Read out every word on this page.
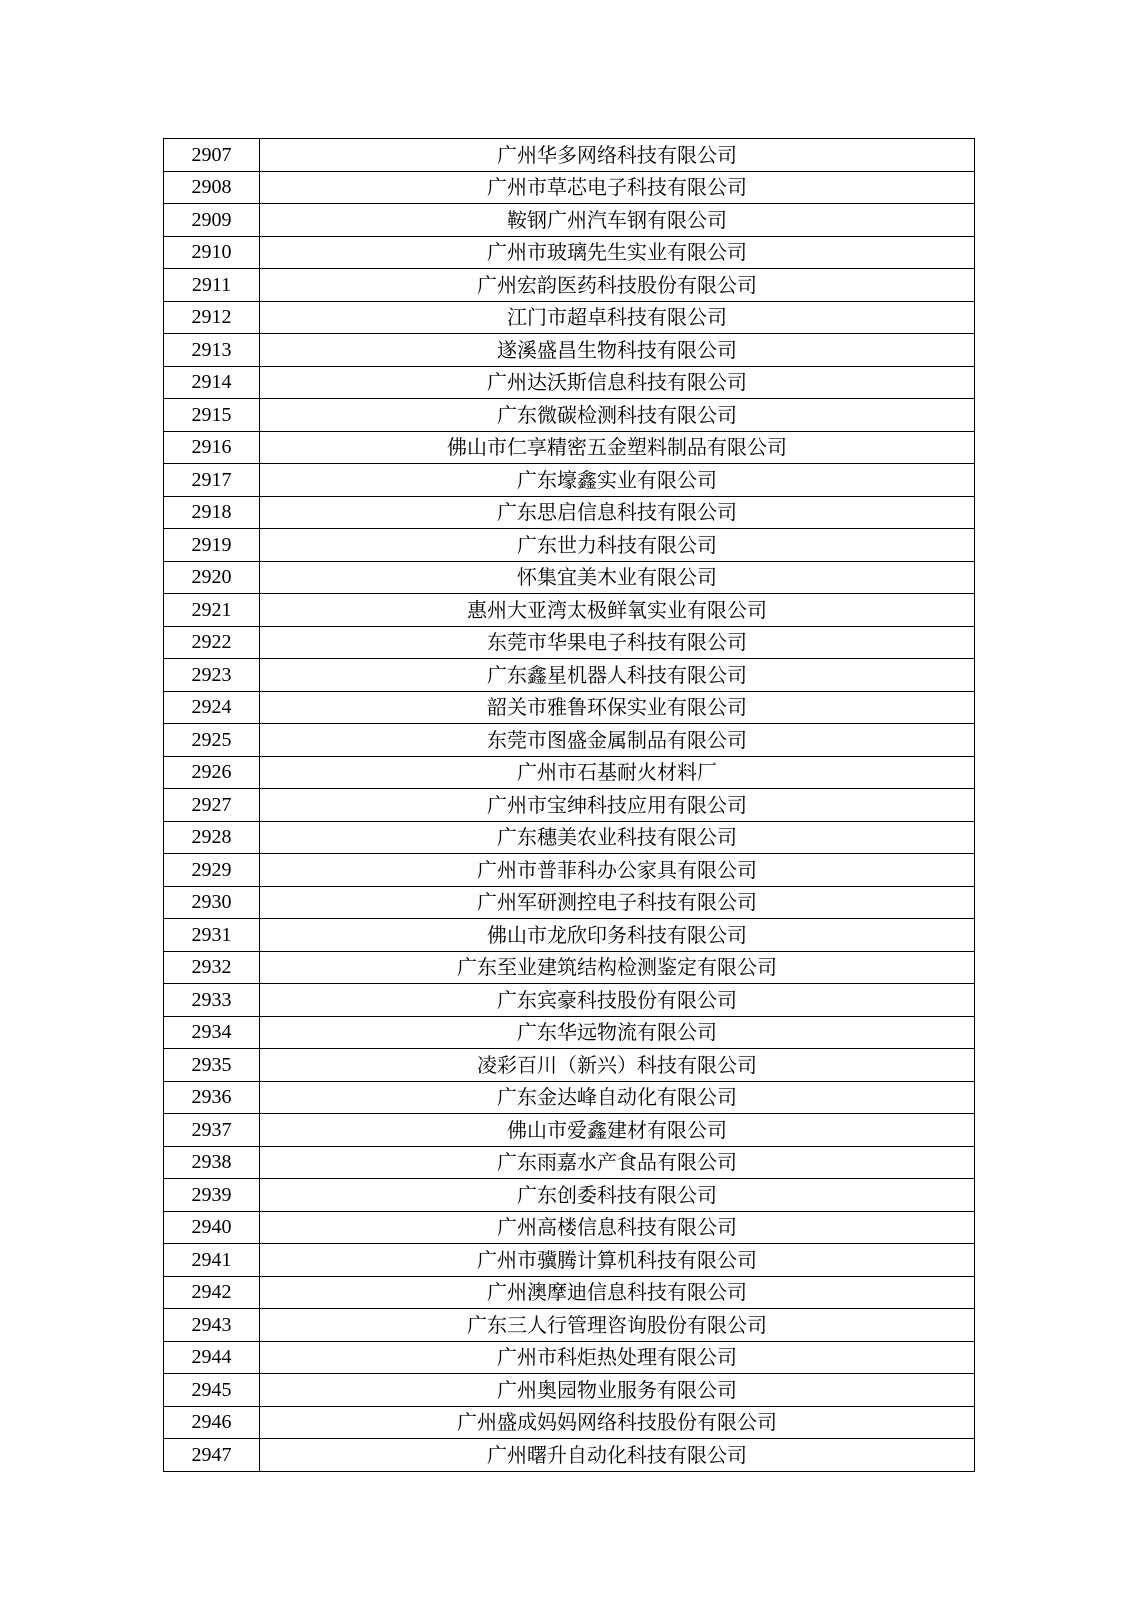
2907	广州华多网络科技有限公司
2908	广州市草芯电子科技有限公司
2909	鞍钢广州汽车钢有限公司
2910	广州市玻璃先生实业有限公司
2911	广州宏韵医药科技股份有限公司
2912	江门市超卓科技有限公司
2913	遂溪盛昌生物科技有限公司
2914	广州达沃斯信息科技有限公司
2915	广东微碳检测科技有限公司
2916	佛山市仁享精密五金塑料制品有限公司
2917	广东壕鑫实业有限公司
2918	广东思启信息科技有限公司
2919	广东世力科技有限公司
2920	怀集宜美木业有限公司
2921	惠州大亚湾太极鲜氧实业有限公司
2922	东莞市华果电子科技有限公司
2923	广东鑫星机器人科技有限公司
2924	韶关市雅鲁环保实业有限公司
2925	东莞市图盛金属制品有限公司
2926	广州市石基耐火材料厂
2927	广州市宝绅科技应用有限公司
2928	广东穗美农业科技有限公司
2929	广州市普菲科办公家具有限公司
2930	广州军研测控电子科技有限公司
2931	佛山市龙欣印务科技有限公司
2932	广东至业建筑结构检测鉴定有限公司
2933	广东宾豪科技股份有限公司
2934	广东华远物流有限公司
2935	凌彩百川（新兴）科技有限公司
2936	广东金达峰自动化有限公司
2937	佛山市爱鑫建材有限公司
2938	广东雨嘉水产食品有限公司
2939	广东创委科技有限公司
2940	广州高楼信息科技有限公司
2941	广州市骥腾计算机科技有限公司
2942	广州澳摩迪信息科技有限公司
2943	广东三人行管理咨询股份有限公司
2944	广州市科炬热处理有限公司
2945	广州奥园物业服务有限公司
2946	广州盛成妈妈网络科技股份有限公司
2947	广州曙升自动化科技有限公司
